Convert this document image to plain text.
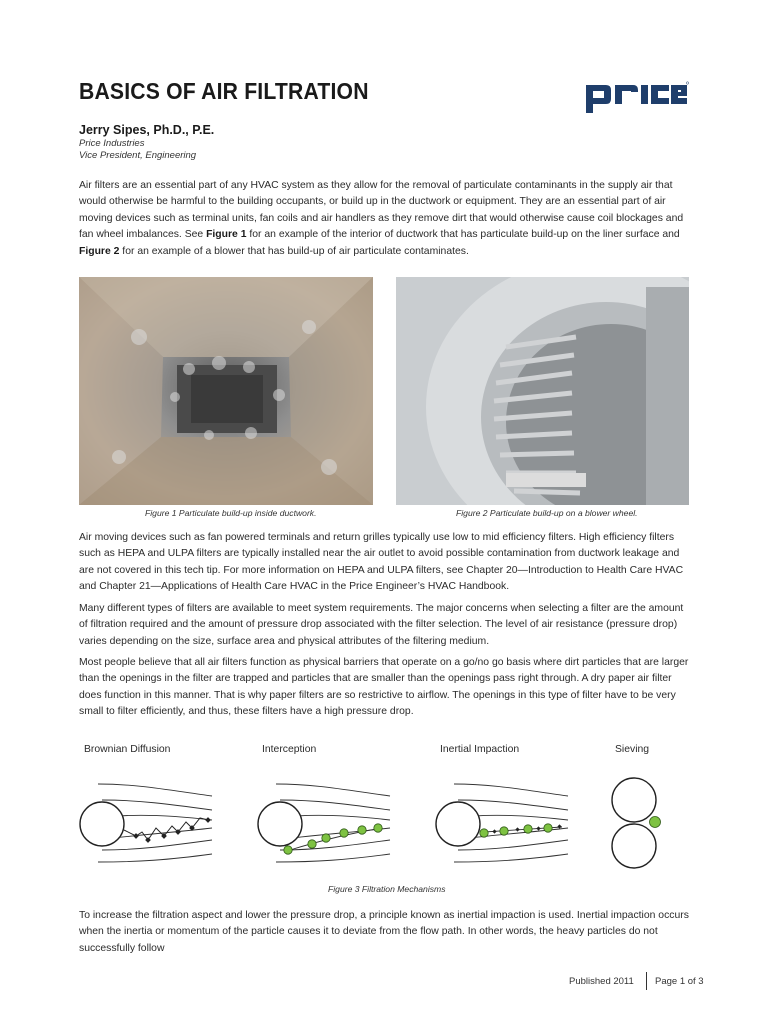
BASICS OF AIR FILTRATION
Jerry Sipes, Ph.D., P.E.
Price Industries
Vice President, Engineering

Air filters are an essential part of any HVAC system as they allow for the removal of particulate contaminants in the supply air that would otherwise be harmful to the building occupants, or build up in the ductwork or equipment. They are an essential part of air moving devices such as terminal units, fan coils and air handlers as they remove dirt that would otherwise cause coil blockages and fan wheel imbalances. See Figure 1 for an example of the interior of ductwork that has particulate build-up on the liner surface and Figure 2 for an example of a blower that has build-up of air particulate contaminates.

Figure 1 Particulate build-up inside ductwork.	Figure 2 Particulate build-up on a blower wheel.

Air moving devices such as fan powered terminals and return grilles typically use low to mid efficiency filters. High efficiency filters such as HEPA and ULPA filters are typically installed near the air outlet to avoid possible contamination from ductwork leakage and are not covered in this tech tip. For more information on HEPA and ULPA filters, see Chapter 20—Introduction to Health Care HVAC and Chapter 21—Applications of Health Care HVAC in the Price Engineer’s HVAC Handbook.

Many different types of filters are available to meet system requirements. The major concerns when selecting a filter are the amount of filtration required and the amount of pressure drop associated with the filter selection. The level of air resistance (pressure drop) varies depending on the size, surface area and physical attributes of the filtering medium.

Most people believe that all air filters function as physical barriers that operate on a go/no go basis where dirt particles that are larger than the openings in the filter are trapped and particles that are smaller than the openings pass right through. A dry paper air filter does function in this manner. That is why paper filters are so restrictive to airflow. The openings in this type of filter have to be very small to filter efficiently, and thus, these filters have a high pressure drop.

Brownian Diffusion	Interception	Inertial Impaction	Sieving
Figure 3 Filtration Mechanisms

To increase the filtration aspect and lower the pressure drop, a principle known as inertial impaction is used. Inertial impaction occurs when the inertia or momentum of the particle causes it to deviate from the flow path. In other words, the heavy particles do not successfully follow

Published 2011 Page 1 of 3
